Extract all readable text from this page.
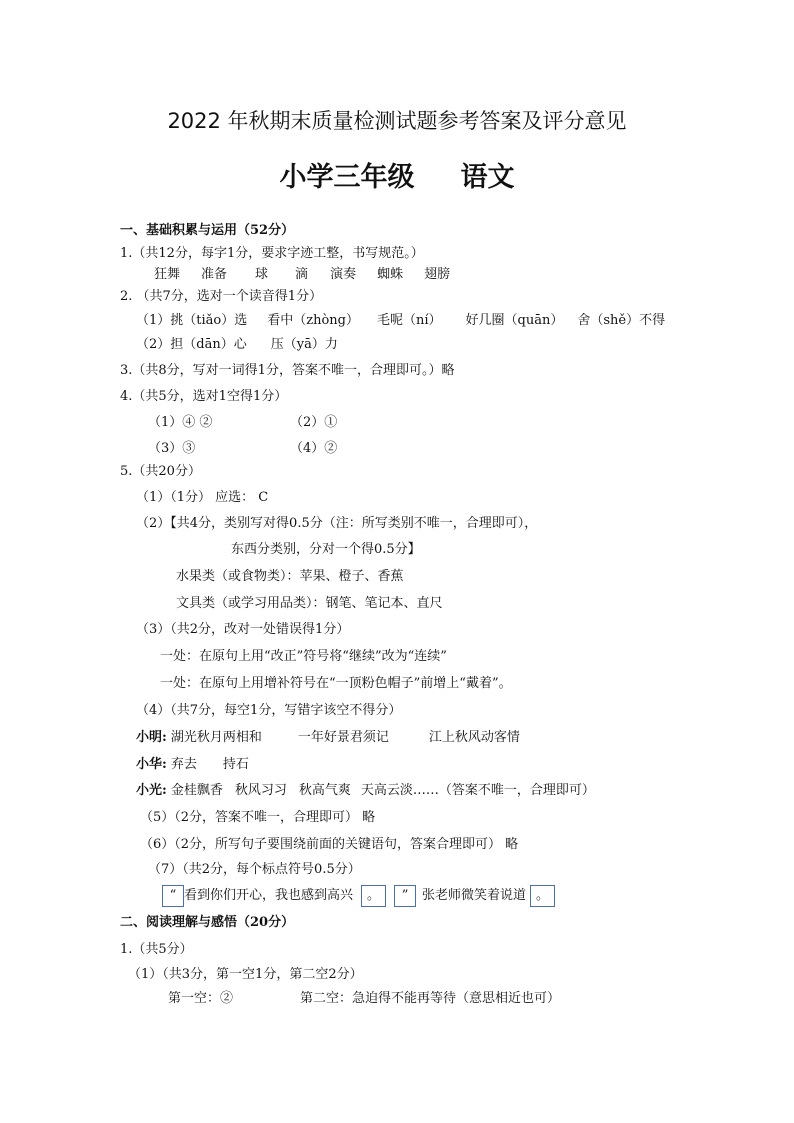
2022 年秋期末质量检测试题参考答案及评分意见
小学三年级 语文
一、基础积累与运用（52分）
1.（共12分，每字1分，要求字迹工整，书写规范。）
狂舞 准备 球 滴 演奏 蜘蛛 翅膀
2. （共7分，选对一个读音得1分）
（1）挑（tiǎo）选 看中（zhòng） 毛呢（ní） 好几圈（quān） 舍（shě）不得
（2）担（dān）心 压（yā）力
3.（共8分，写对一词得1分，答案不唯一，合理即可。）略
4.（共5分，选对1空得1分）
（1）④ ②	（2）①
（3）③	（4）②
5.（共20分）
（1）（1分） 应选： C
（2）【共4分，类别写对得0.5分（注：所写类别不唯一，合理即可），
东西分类别，分对一个得0.5分】
水果类（或食物类）：苹果、橙子、香蕉
文具类（或学习用品类）：钢笔、笔记本、直尺
（3）（共2分，改对一处错误得1分）
一处：在原句上用“改正”符号将“继续”改为“连续”
一处：在原句上用增补符号在“一顶粉色帽子”前增上“戴着”。
（4）（共7分，每空1分，写错字该空不得分）
小明: 湖光秋月两相和	一年好景君须记	江上秋风动客情
小华: 弃去 持石
小光: 金桂飘香 秋风习习 秋高气爽 天高云淡……（答案不唯一，合理即可）
（5）（2分，答案不唯一，合理即可） 略
（6）（2分，所写句子要围绕前面的关键语句，答案合理即可） 略
（7）（共2分，每个标点符号0.5分）
“ 看到你们开心，我也感到高兴 。 ” 张老师微笑着说道 。
二、阅读理解与感悟（20分）
1.（共5分）
（1）（共3分，第一空1分，第二空2分）
第一空：②	第二空：急迫得不能再等待（意思相近也可）
